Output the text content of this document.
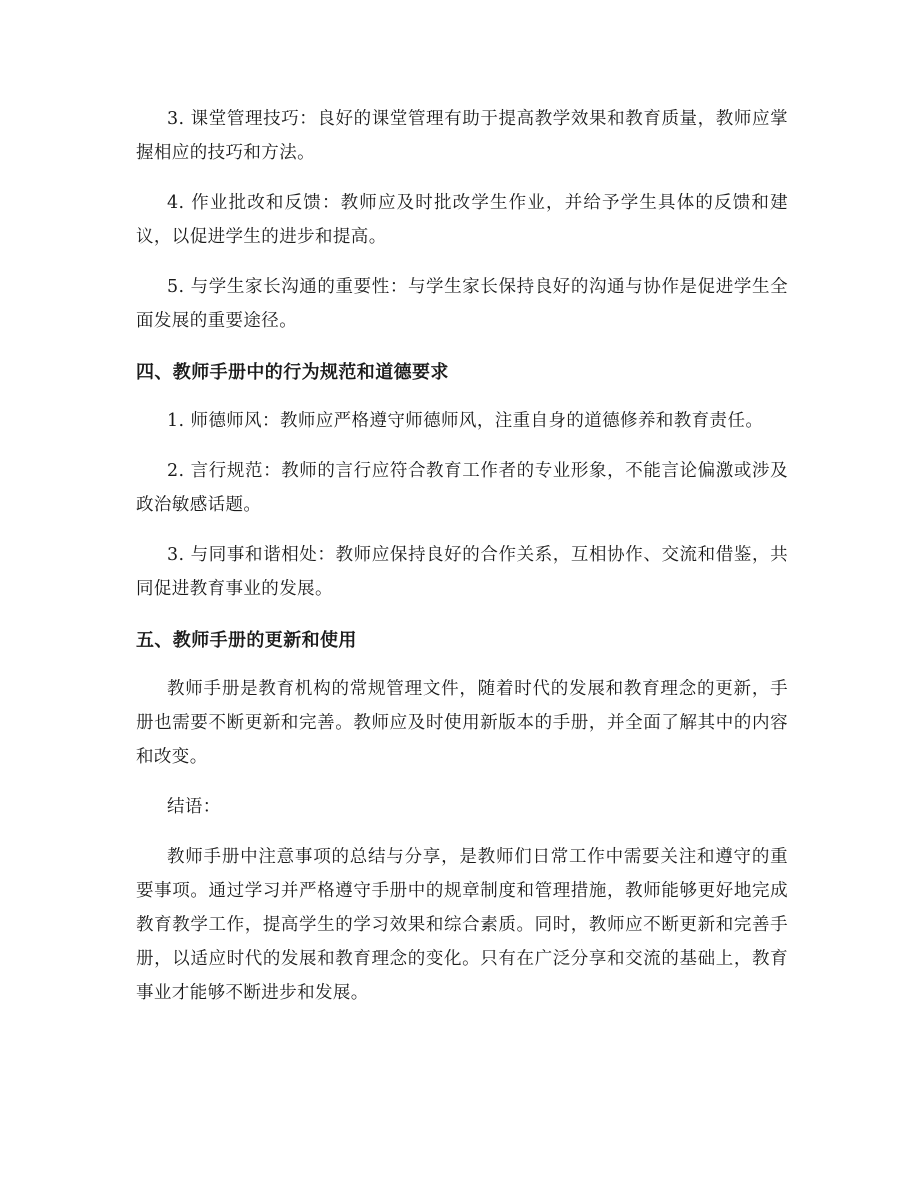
3. 课堂管理技巧：良好的课堂管理有助于提高教学效果和教育质量，教师应掌握相应的技巧和方法。

4. 作业批改和反馈：教师应及时批改学生作业，并给予学生具体的反馈和建议，以促进学生的进步和提高。

5. 与学生家长沟通的重要性：与学生家长保持良好的沟通与协作是促进学生全面发展的重要途径。

四、教师手册中的行为规范和道德要求

1. 师德师风：教师应严格遵守师德师风，注重自身的道德修养和教育责任。

2. 言行规范：教师的言行应符合教育工作者的专业形象，不能言论偏激或涉及政治敏感话题。

3. 与同事和谐相处：教师应保持良好的合作关系，互相协作、交流和借鉴，共同促进教育事业的发展。

五、教师手册的更新和使用

教师手册是教育机构的常规管理文件，随着时代的发展和教育理念的更新，手册也需要不断更新和完善。教师应及时使用新版本的手册，并全面了解其中的内容和改变。

结语：

教师手册中注意事项的总结与分享，是教师们日常工作中需要关注和遵守的重要事项。通过学习并严格遵守手册中的规章制度和管理措施，教师能够更好地完成教育教学工作，提高学生的学习效果和综合素质。同时，教师应不断更新和完善手册，以适应时代的发展和教育理念的变化。只有在广泛分享和交流的基础上，教育事业才能够不断进步和发展。
